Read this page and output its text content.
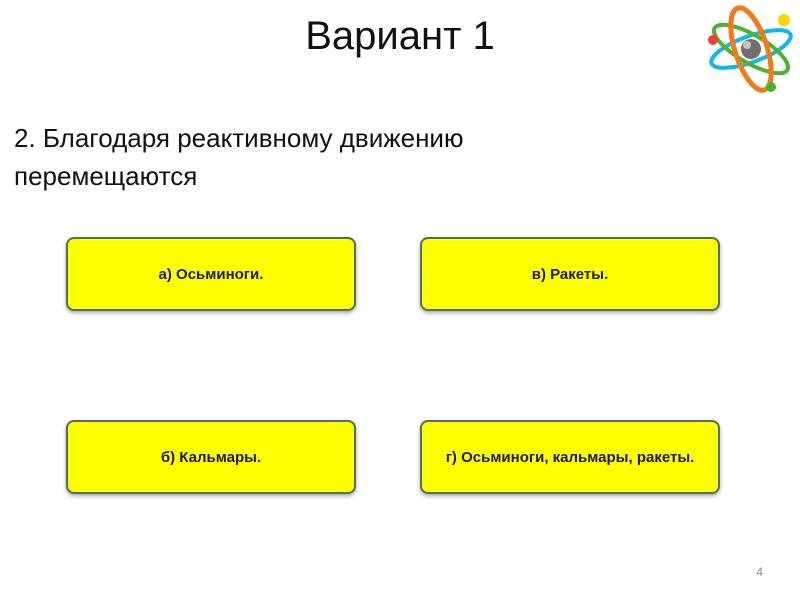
Вариант 1
2. Благодаря реактивному движению перемещаются
а) Осьминоги.	в) Ракеты.
б) Кальмары.	г) Осьминоги, кальмары, ракеты.
4
